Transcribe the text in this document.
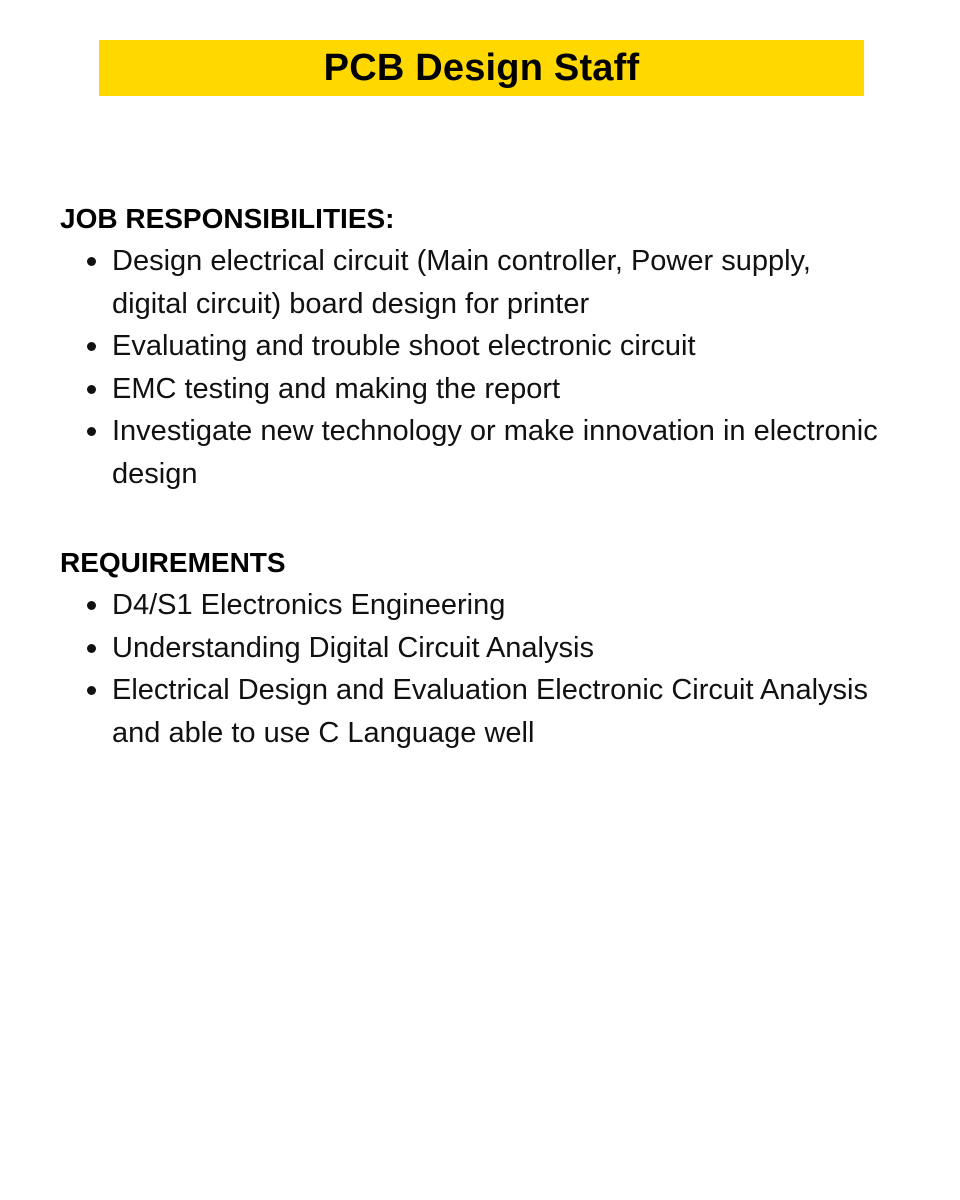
PCB Design Staff
JOB RESPONSIBILITIES:
Design electrical circuit (Main controller, Power supply, digital circuit) board design for printer
Evaluating and trouble shoot electronic circuit
EMC testing and making the report
Investigate new technology or make innovation in electronic design
REQUIREMENTS
D4/S1 Electronics Engineering
Understanding Digital Circuit Analysis
Electrical Design and Evaluation Electronic Circuit Analysis and able to use C Language well
